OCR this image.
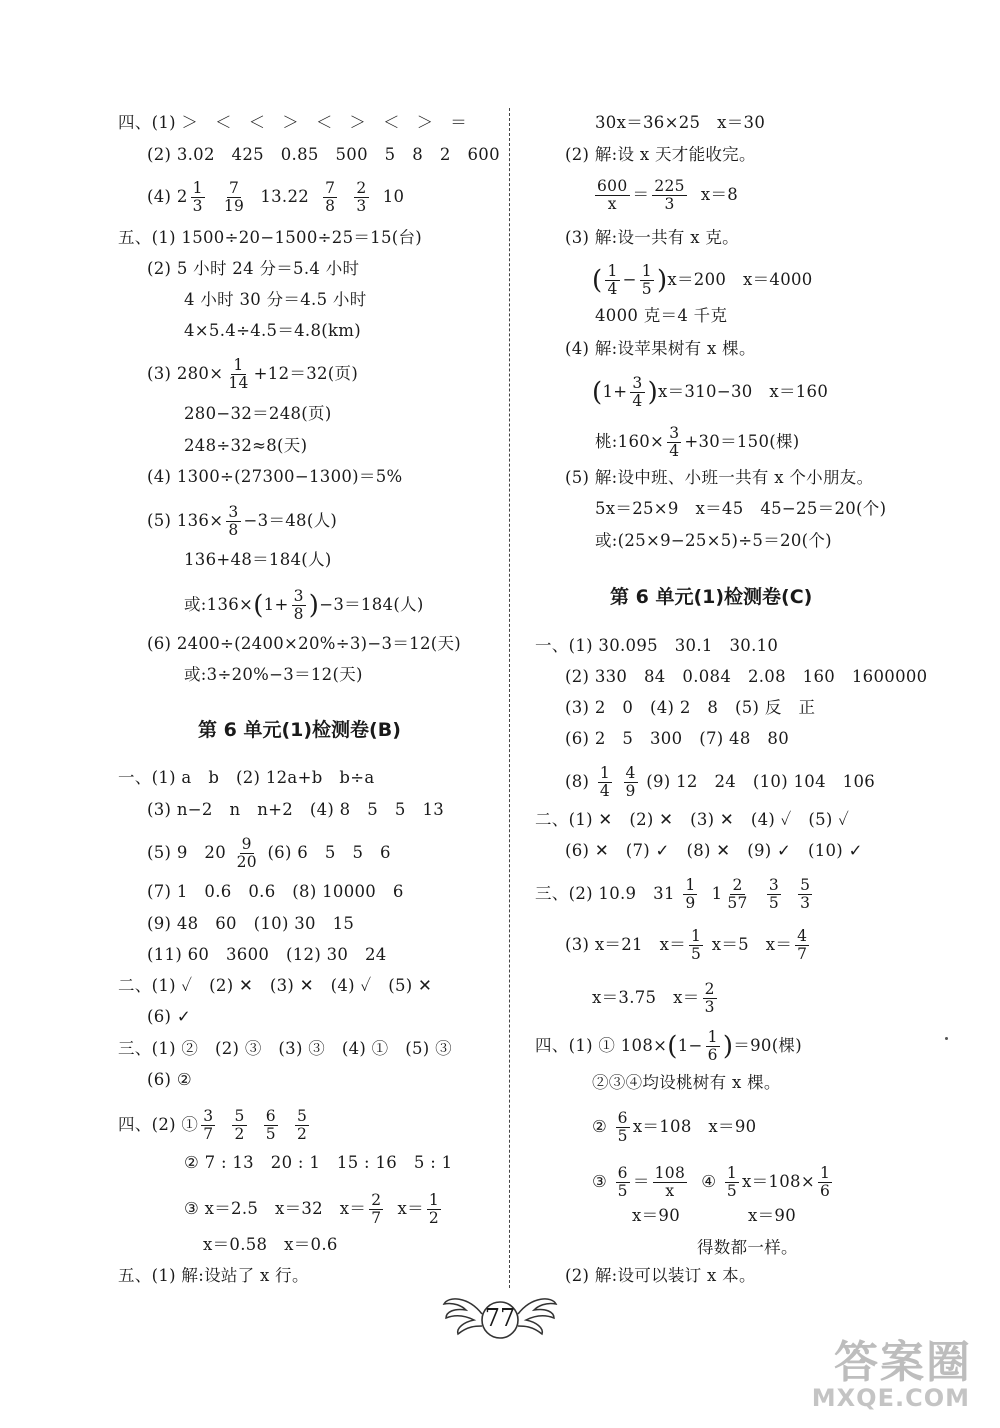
四、(1) ＞　＜　＜　＞　＜　＞　＜　＞　＝
(2) 3.02　425　0.85　500　5　8　2　600
(4) $2 \frac{1}{3}$
$\frac{7}{19} 13.22 \frac{7}{8}$
$\frac{2}{3} 10$
五、(1) 1500÷20−1500÷25＝15(台)
(2) 5 小时 24 分＝5.4 小时
4 小时 30 分＝4.5 小时
4×5.4÷4.5＝4.8(km)
(3) $280\times \frac{1}{14} +12=32$(页)
280−32＝248(页)
248÷32≈8(天)
(4) 1300÷(27300−1300)＝5%
(5) $136\times \frac{3}{8} -3=48$(人)
136+48＝184(人)
或:136×(1+ $\frac{3}{8} )-3=184$(人)
(6) 2400÷(2400×20%÷3)−3＝12(天)
或:3÷20%−3＝12(天)
第 6 单元(1)检测卷(B)
一、(1) a　b　(2) 12a+b　b÷a
(3) n−2　n　n+2　(4) 8　5　5　13
(5) 9　$20 \frac{9}{20} (6)$ 6　5　5　6
(7) 1　0.6　0.6　(8) 10000　6
(9) 48　60　(10) 30　15
(11) 60　3600　(12) 30　24
二、(1) ✓　(2) ✕　(3) ✕　(4) ✓　(5) ✕
(6) ✓
三、(1) ②　(2) ③　(3) ③　(4) ①　(5) ③
(6) ②
四、(2) ① $\frac{3}{7}$
$\frac{5}{2}$
$\frac{6}{5}$
$\frac{5}{2}$
② 7 : 13　20 : 1　15 : 16　5 : 1
③ x＝2.5　x＝32　$x= \frac{2}{7} x= \frac{1}{2}$
x＝0.58　x＝0.6
五、(1) 解:设站了 x 行。
30x＝36×25　x＝30
(2) 解:设 x 天才能收完。
$\frac{600}{x} = \frac{225}{3} x=8$
(3) 解:设一共有 x 克。
( $\frac{1}{4} - \frac{1}{5} )x=200$　x＝4000
4000 克＝4 千克
(4) 解:设苹果树有 x 棵。
$(1+ \frac{3}{4} )x=310-30$　x＝160
桃:160× $\frac{3}{4} +30=150$(棵)
(5) 解:设中班、小班一共有 x 个小朋友。
5x＝25×9　x＝45　45−25＝20(个)
或:(25×9−25×5)÷5＝20(个)
第 6 单元(1)检测卷(C)
一、(1) 30.095　30.1　30.10
(2) 330　84　0.084　2.08　160　1600000
(3) 2　0　(4) 2　8　(5) 反　正
(6) 2　5　300　(7) 48　80
$(8) \frac{1}{4}$
$\frac{4}{9} (9)$ 12　24　(10) 104　106
二、(1) ✕　(2) ✕　(3) ✕　(4) ✓　(5) ✓
(6) ✕　(7) ✓　(8) ✕　(9) ✓　(10) ✓
三、(2) 10.9　$31 \frac{1}{9} 1 \frac{2}{57}$
$\frac{3}{5}$
$\frac{5}{3}$
(3) x＝21　$x= \frac{1}{5} x=5$　$x= \frac{4}{7}$
x＝3.75　$x= \frac{2}{3}$
四、(1) ① $108\times(1- \frac{1}{6} )=90$(棵)
②③④均设桃树有 x 棵。
② $\frac{6}{5} x=108$　x＝90
③ $\frac{6}{5} = \frac{108}{x}$ ④ $\frac{1}{5} x=108\times \frac{1}{6}$
x＝90	x＝90
得数都一样。
(2) 解:设可以装订 x 本。
77
答案圈
MXQE.COM
